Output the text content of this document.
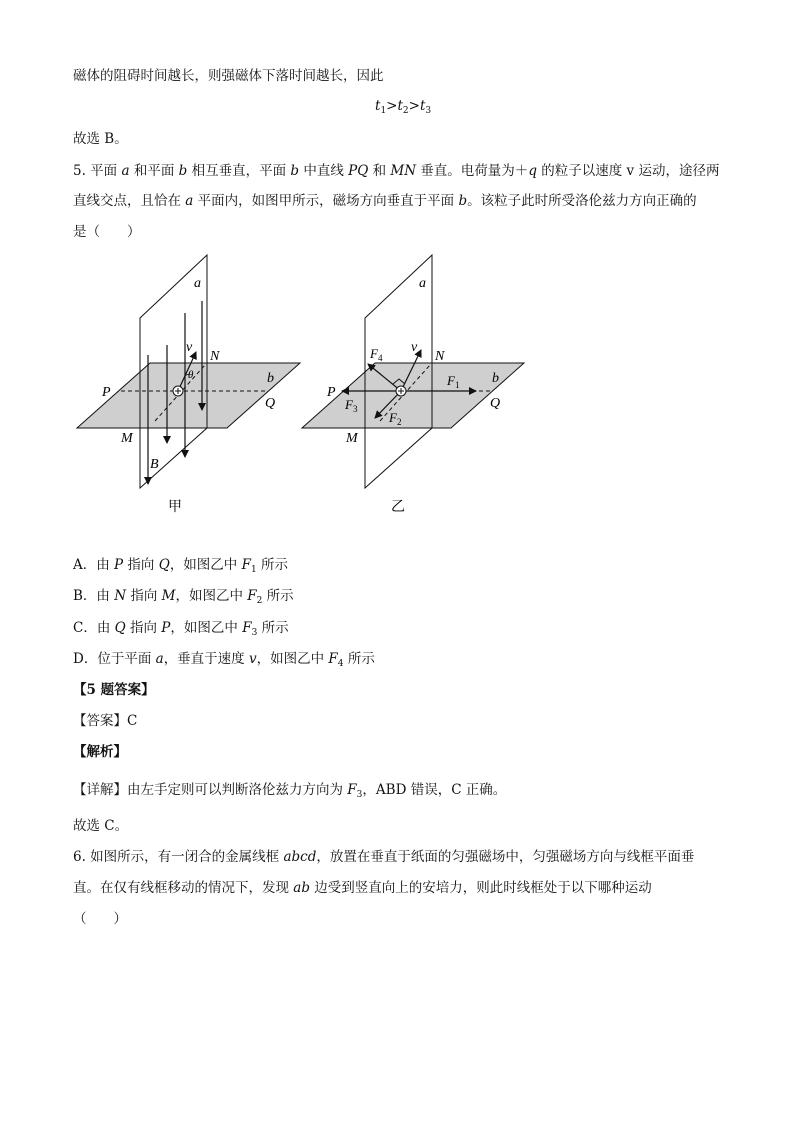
磁体的阻碍时间越长，则强磁体下落时间越长，因此
$t_1>t_2>t_3$
故选 B。
5. 平面 a 和平面 b 相互垂直，平面 b 中直线 PQ 和 MN 垂直。电荷量为＋q 的粒子以速度 v 运动，途径两
直线交点，且恰在 a 平面内，如图甲所示，磁场方向垂直于平面 b。该粒子此时所受洛伦兹力方向正确的
是（　　）
a
b
P
Q
M
N
v
θ
B
甲
a
b
P
Q
M
N
v
$F_4$
$F_1$
$F_3$
$F_2$
乙
A．由 P 指向 Q，如图乙中 $F_1$ 所示
B．由 N 指向 M，如图乙中 $F_2$ 所示
C．由 Q 指向 P，如图乙中 $F_3$ 所示
D．位于平面 a，垂直于速度 v，如图乙中 $F_4$ 所示
【5 题答案】
【答案】C
【解析】
【详解】由左手定则可以判断洛伦兹力方向为 $F_3$，ABD 错误，C 正确。
故选 C。
6. 如图所示，有一闭合的金属线框 abcd，放置在垂直于纸面的匀强磁场中，匀强磁场方向与线框平面垂
直。在仅有线框移动的情况下，发现 ab 边受到竖直向上的安培力，则此时线框处于以下哪种运动
（　　）
